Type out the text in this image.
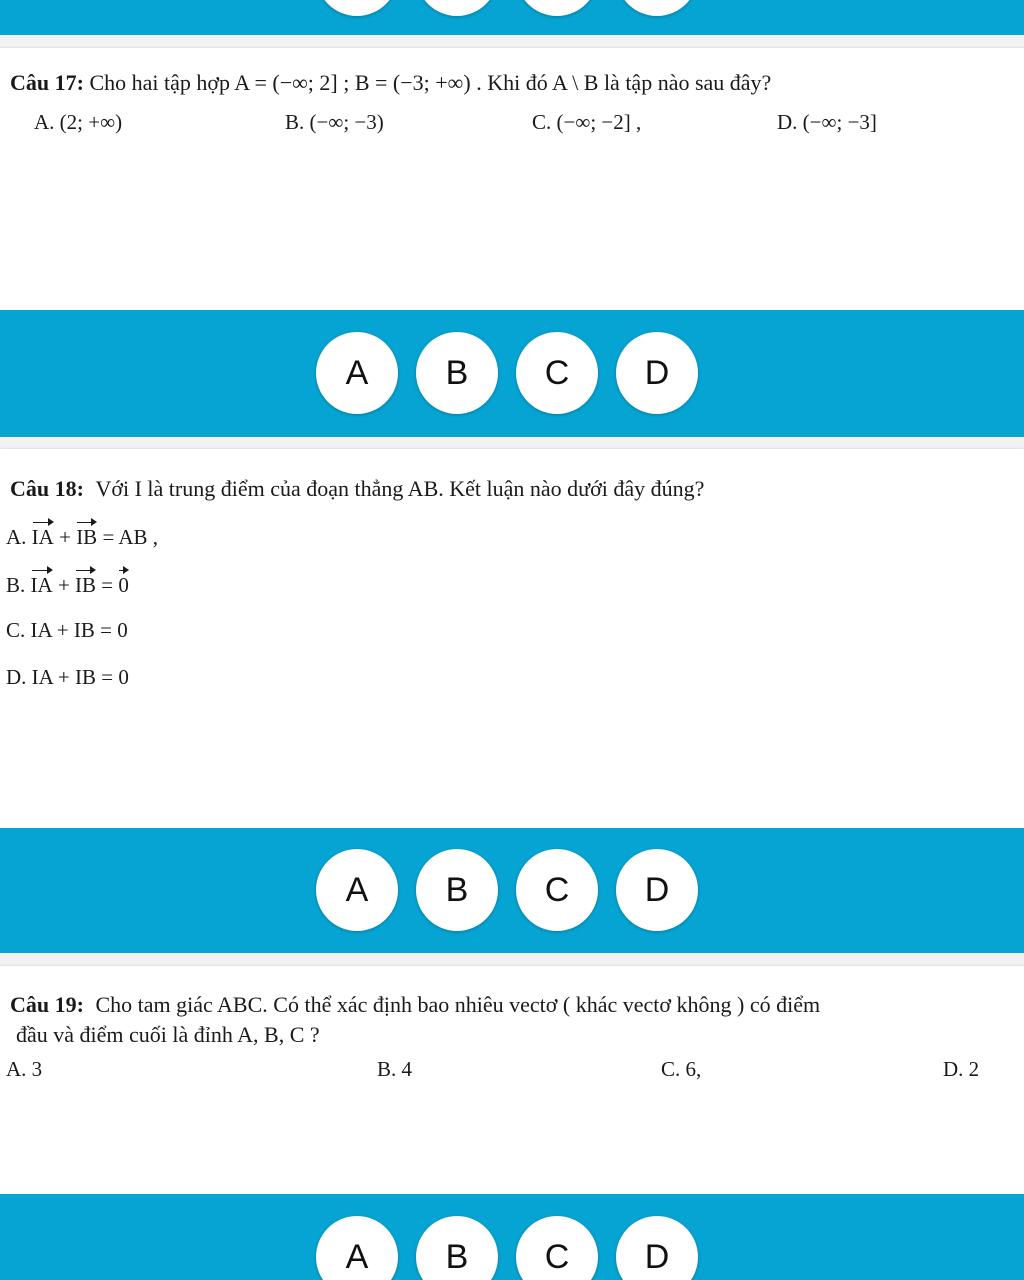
Câu 17: Cho hai tập hợp A = (−∞; 2] ; B = (−3; +∞) . Khi đó A \ B là tập nào sau đây?
A. (2; +∞)	B. (−∞; −3)	C. (−∞; −2] ,	D. (−∞; −3]
A	B	C	D
Câu 18: Với I là trung điểm của đoạn thẳng AB. Kết luận nào dưới đây đúng?
A. IA + IB = AB ,
B. IA + IB = 0
C. IA + IB = 0
D. IA + IB = 0
A	B	C	D
Câu 19: Cho tam giác ABC. Có thể xác định bao nhiêu vectơ ( khác vectơ không ) có điểm
đầu và điểm cuối là đỉnh A, B, C ?
A. 3	B. 4	C. 6,	D. 2
A	B	C	D
